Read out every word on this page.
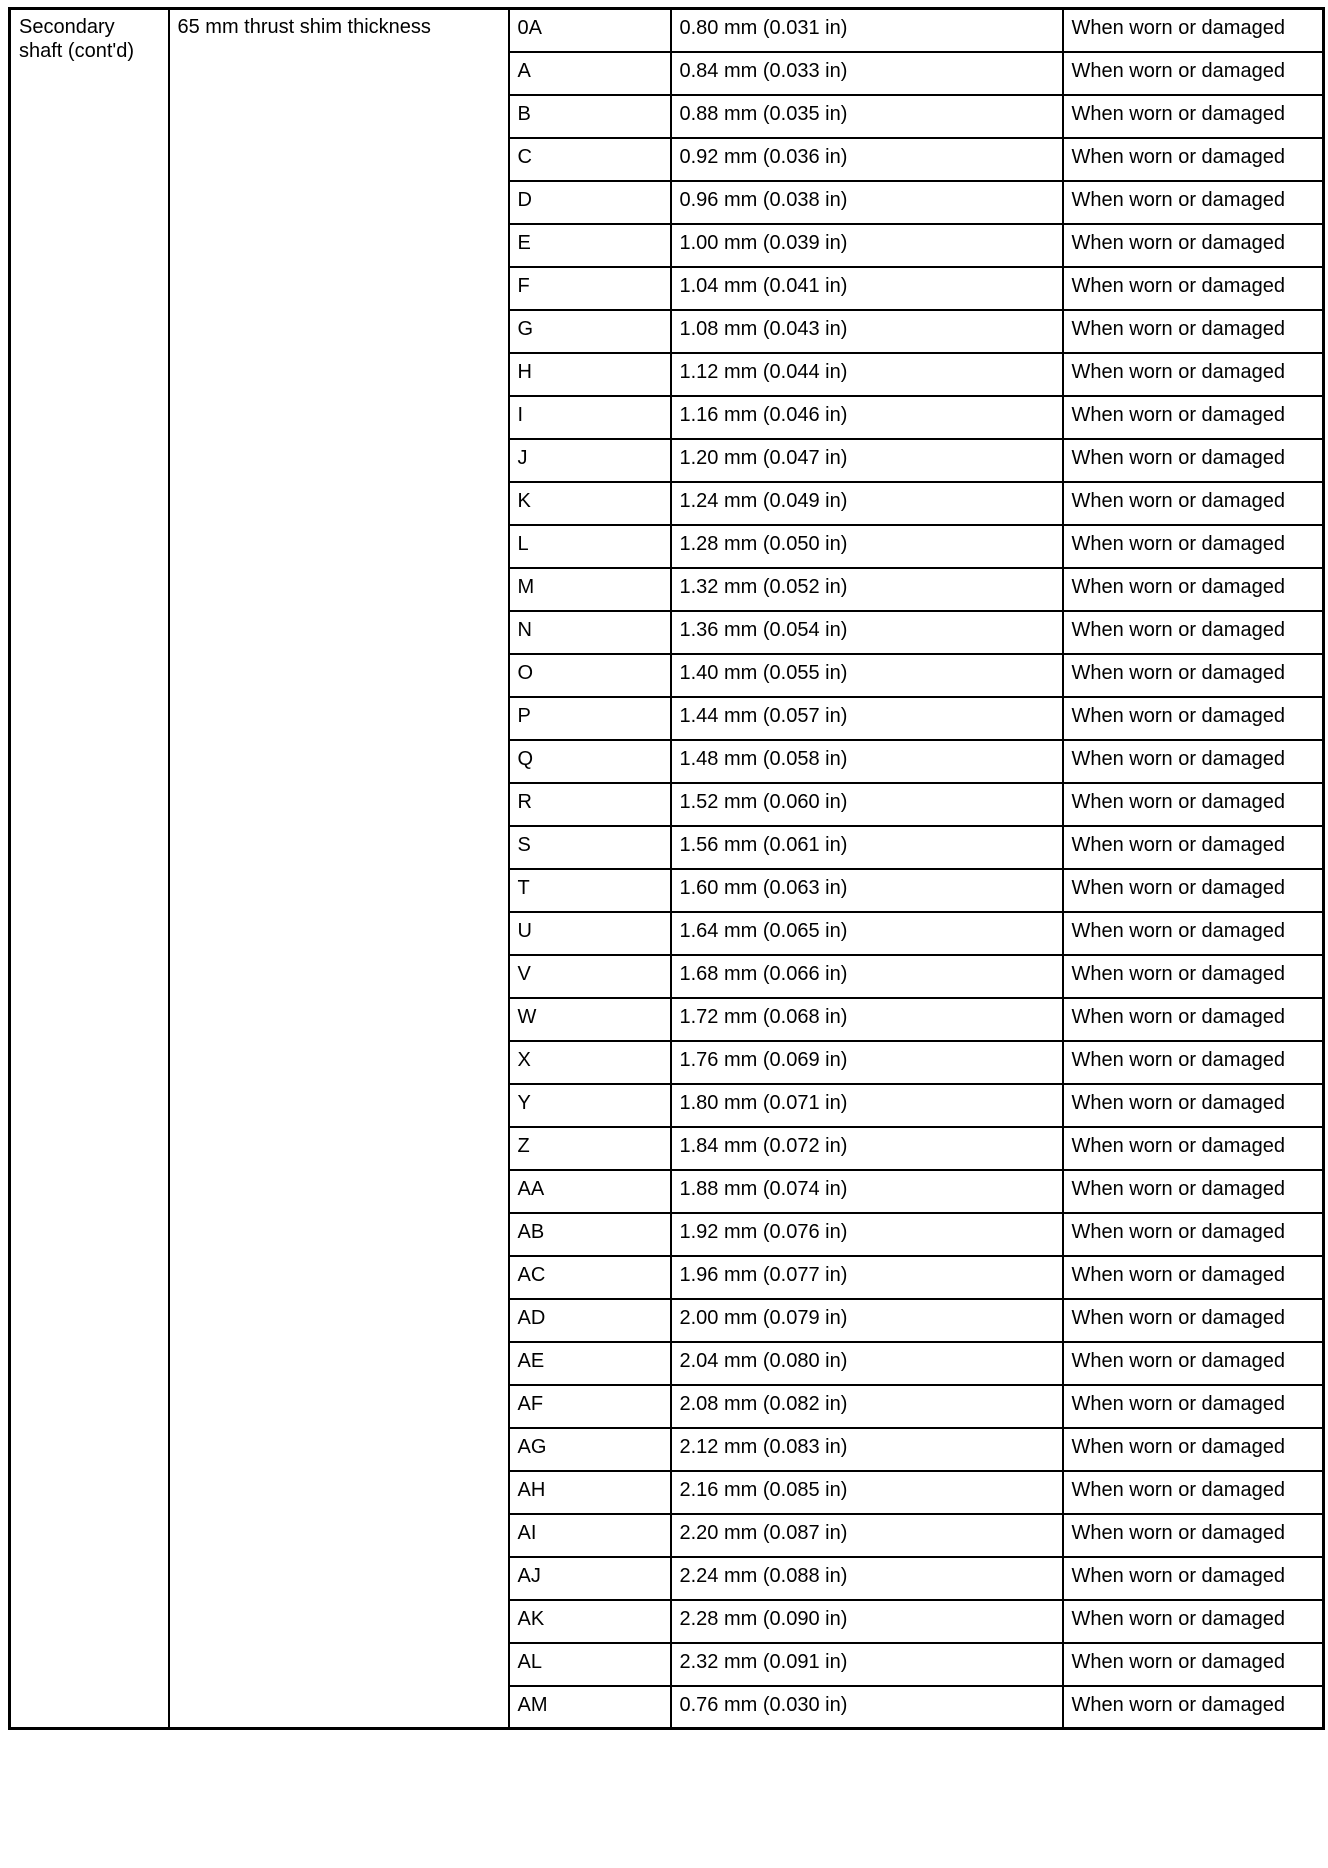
Secondary shaft (cont'd)	65 mm thrust shim thickness	0A	0.80 mm (0.031 in)	When worn or damaged
		A	0.84 mm (0.033 in)	When worn or damaged
		B	0.88 mm (0.035 in)	When worn or damaged
		C	0.92 mm (0.036 in)	When worn or damaged
		D	0.96 mm (0.038 in)	When worn or damaged
		E	1.00 mm (0.039 in)	When worn or damaged
		F	1.04 mm (0.041 in)	When worn or damaged
		G	1.08 mm (0.043 in)	When worn or damaged
		H	1.12 mm (0.044 in)	When worn or damaged
		I	1.16 mm (0.046 in)	When worn or damaged
		J	1.20 mm (0.047 in)	When worn or damaged
		K	1.24 mm (0.049 in)	When worn or damaged
		L	1.28 mm (0.050 in)	When worn or damaged
		M	1.32 mm (0.052 in)	When worn or damaged
		N	1.36 mm (0.054 in)	When worn or damaged
		O	1.40 mm (0.055 in)	When worn or damaged
		P	1.44 mm (0.057 in)	When worn or damaged
		Q	1.48 mm (0.058 in)	When worn or damaged
		R	1.52 mm (0.060 in)	When worn or damaged
		S	1.56 mm (0.061 in)	When worn or damaged
		T	1.60 mm (0.063 in)	When worn or damaged
		U	1.64 mm (0.065 in)	When worn or damaged
		V	1.68 mm (0.066 in)	When worn or damaged
		W	1.72 mm (0.068 in)	When worn or damaged
		X	1.76 mm (0.069 in)	When worn or damaged
		Y	1.80 mm (0.071 in)	When worn or damaged
		Z	1.84 mm (0.072 in)	When worn or damaged
		AA	1.88 mm (0.074 in)	When worn or damaged
		AB	1.92 mm (0.076 in)	When worn or damaged
		AC	1.96 mm (0.077 in)	When worn or damaged
		AD	2.00 mm (0.079 in)	When worn or damaged
		AE	2.04 mm (0.080 in)	When worn or damaged
		AF	2.08 mm (0.082 in)	When worn or damaged
		AG	2.12 mm (0.083 in)	When worn or damaged
		AH	2.16 mm (0.085 in)	When worn or damaged
		AI	2.20 mm (0.087 in)	When worn or damaged
		AJ	2.24 mm (0.088 in)	When worn or damaged
		AK	2.28 mm (0.090 in)	When worn or damaged
		AL	2.32 mm (0.091 in)	When worn or damaged
		AM	0.76 mm (0.030 in)	When worn or damaged
